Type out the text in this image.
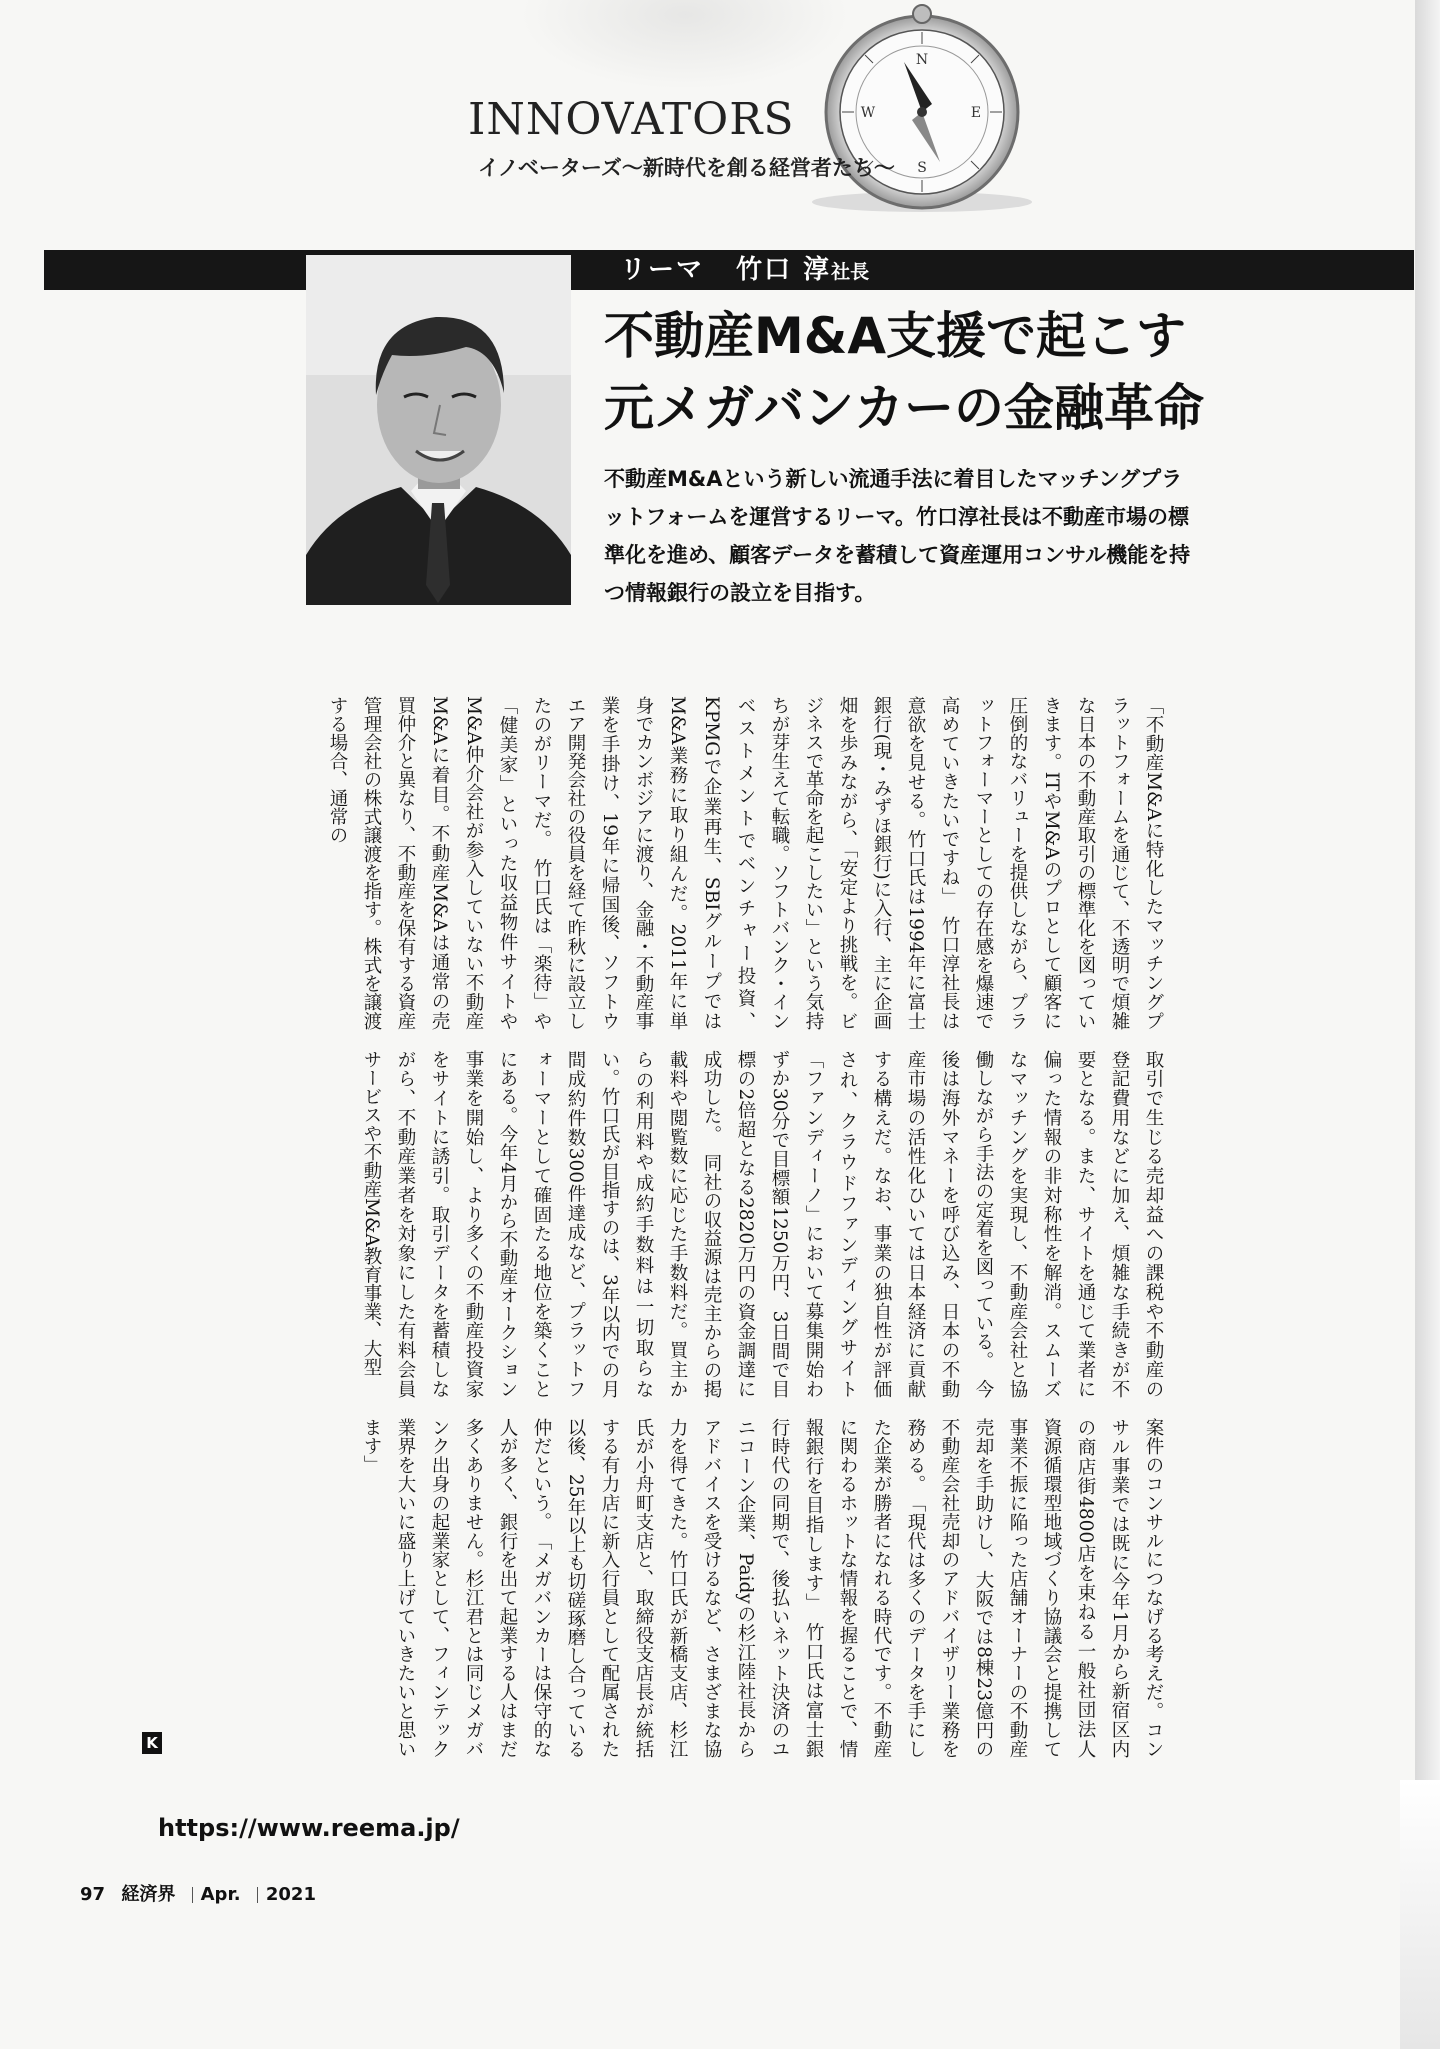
N
S
W	E
INNOVATORS
イノベーターズ〜新時代を創る経営者たち〜
リーマ 竹口 淳社長
不動産M&A支援で起こす
元メガバンカーの金融革命
不動産M&Aという新しい流通手法に着目したマッチングプラットフォームを運営するリーマ。竹口淳社長は不動産市場の標準化を進め、顧客データを蓄積して資産運用コンサル機能を持つ情報銀行の設立を目指す。
「不動産M&Aに特化したマッチングプラットフォームを通じて、不透明で煩雑な日本の不動産取引の標準化を図っていきます。ITやM&Aのプロとして顧客に圧倒的なバリューを提供しながら、プラットフォーマーとしての存在感を爆速で高めていきたいですね」　竹口淳社長は意欲を見せる。竹口氏は1994年に富士銀行(現・みずほ銀行)に入行、主に企画畑を歩みながら、「安定より挑戦を。ビジネスで革命を起こしたい」という気持ちが芽生えて転職。ソフトバンク・インベストメントでベンチャー投資、KPMGで企業再生、SBIグループではM&A業務に取り組んだ。2011年に単身でカンボジアに渡り、金融・不動産事業を手掛け、19年に帰国後、ソフトウエア開発会社の役員を経て昨秋に設立したのがリーマだ。　竹口氏は「楽待」や「健美家」といった収益物件サイトやM&A仲介会社が参入していない不動産M&Aに着目。不動産M&Aは通常の売買仲介と異なり、不動産を保有する資産管理会社の株式譲渡を指す。株式を譲渡する場合、通常の
取引で生じる売却益への課税や不動産の登記費用などに加え、煩雑な手続きが不要となる。また、サイトを通じて業者に偏った情報の非対称性を解消。スムーズなマッチングを実現し、不動産会社と協働しながら手法の定着を図っている。　今後は海外マネーを呼び込み、日本の不動産市場の活性化ひいては日本経済に貢献する構えだ。なお、事業の独自性が評価され、クラウドファンディングサイト「ファンディーノ」において募集開始わずか30分で目標額1250万円、3日間で目標の2倍超となる2820万円の資金調達に成功した。　同社の収益源は売主からの掲載料や閲覧数に応じた手数料だ。買主からの利用料や成約手数料は一切取らない。竹口氏が目指すのは、3年以内での月間成約件数300件達成など、プラットフォーマーとして確固たる地位を築くことにある。今年4月から不動産オークション事業を開始し、より多くの不動産投資家をサイトに誘引。取引データを蓄積しながら、不動産業者を対象にした有料会員サービスや不動産M&A教育事業、大型
案件のコンサルにつなげる考えだ。コンサル事業では既に今年1月から新宿区内の商店街4800店を束ねる一般社団法人資源循環型地域づくり協議会と提携して事業不振に陥った店舗オーナーの不動産売却を手助けし、大阪では8棟23億円の不動産会社売却のアドバイザリー業務を務める。　「現代は多くのデータを手にした企業が勝者になれる時代です。不動産に関わるホットな情報を握ることで、情報銀行を目指します」　竹口氏は富士銀行時代の同期で、後払いネット決済のユニコーン企業、Paidyの杉江陸社長からアドバイスを受けるなど、さまざまな協力を得てきた。竹口氏が新橋支店、杉江氏が小舟町支店と、取締役支店長が統括する有力店に新入行員として配属された以後、25年以上も切磋琢磨し合っている仲だという。　「メガバンカーは保守的な人が多く、銀行を出て起業する人はまだ多くありません。杉江君とは同じメガバンク出身の起業家として、フィンテック業界を大いに盛り上げていきたいと思います」
K
https://www.reema.jp/
97 経済界 Apr. 2021
